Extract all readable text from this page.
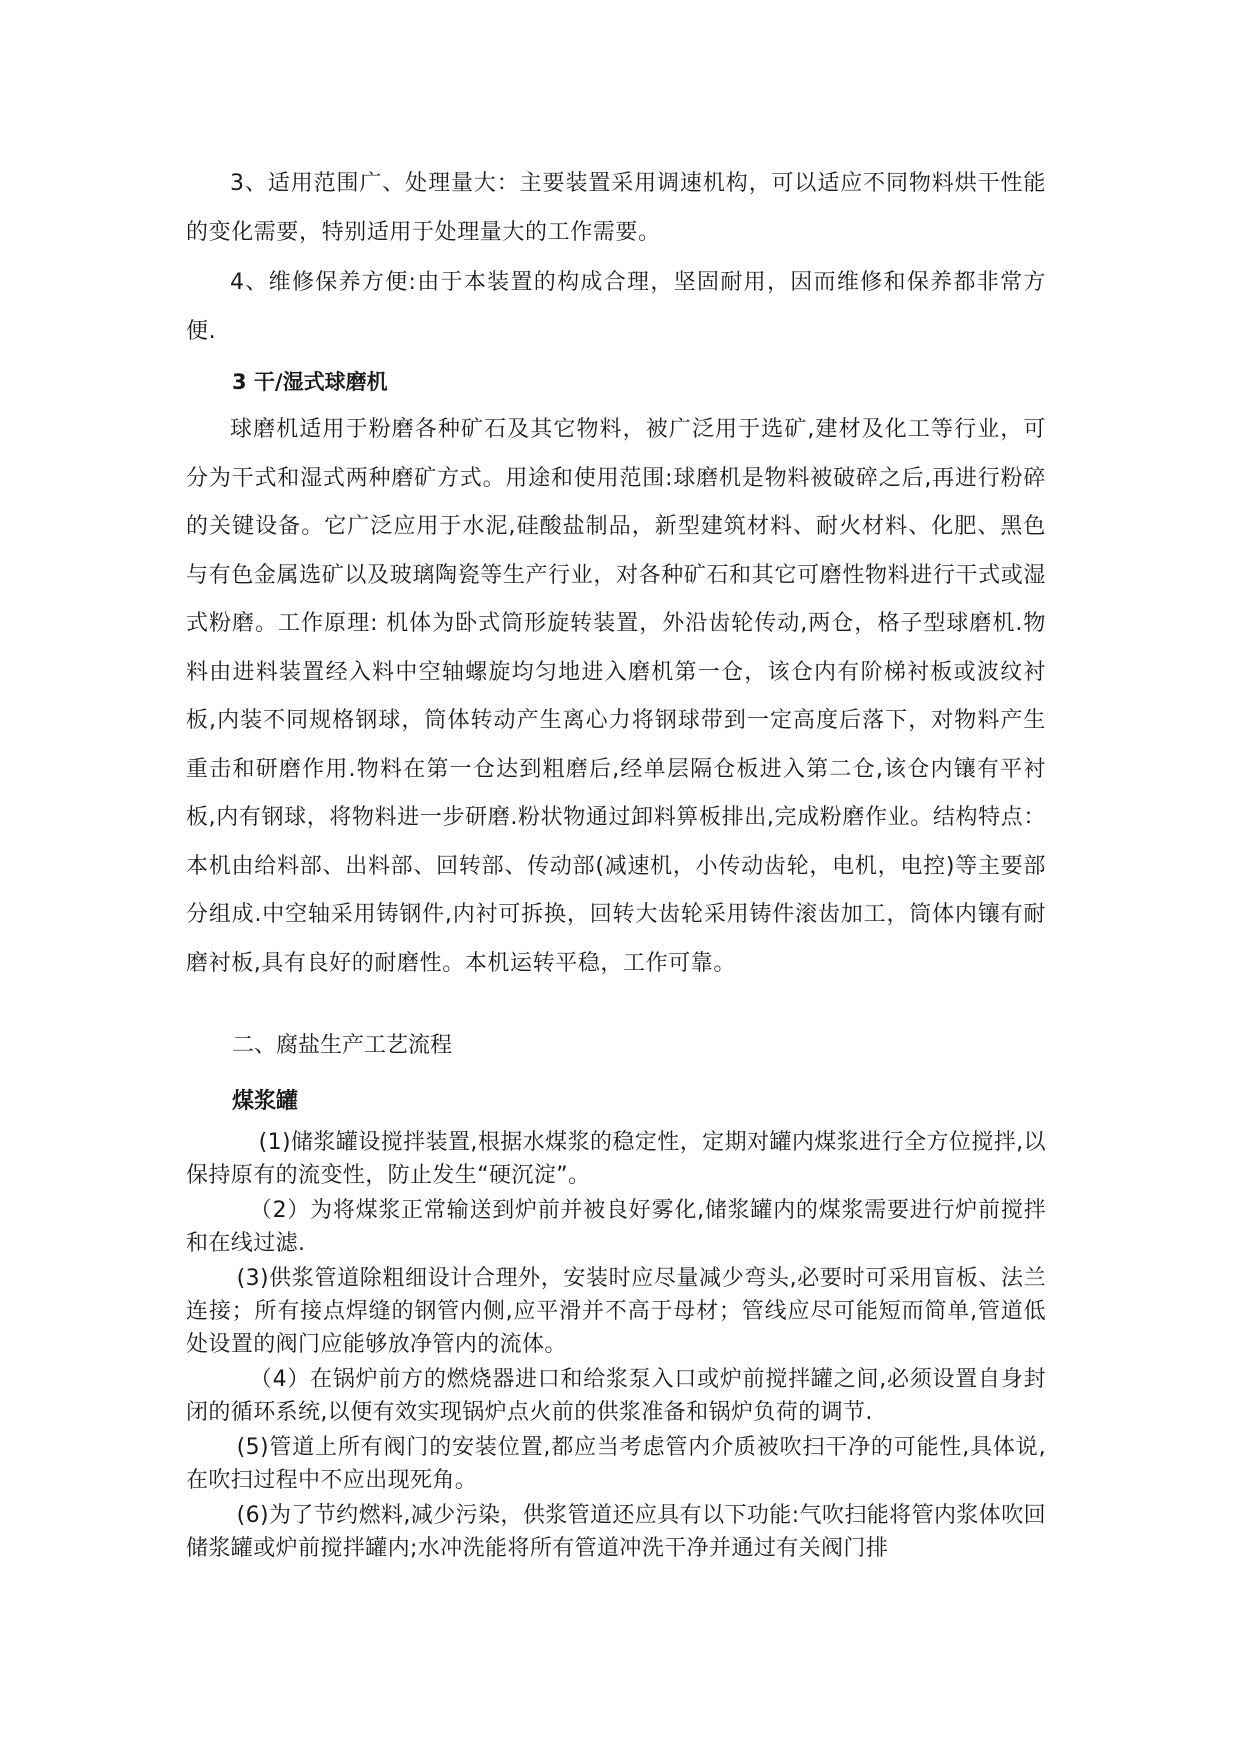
3、适用范围广、处理量大：主要装置采用调速机构，可以适应不同物料烘干性能的变化需要，特别适用于处理量大的工作需要。

4、维修保养方便:由于本装置的构成合理，坚固耐用，因而维修和保养都非常方便.

3 干/湿式球磨机

球磨机适用于粉磨各种矿石及其它物料，被广泛用于选矿,建材及化工等行业，可分为干式和湿式两种磨矿方式。用途和使用范围:球磨机是物料被破碎之后,再进行粉碎的关键设备。它广泛应用于水泥,硅酸盐制品，新型建筑材料、耐火材料、化肥、黑色与有色金属选矿以及玻璃陶瓷等生产行业，对各种矿石和其它可磨性物料进行干式或湿式粉磨。工作原理: 机体为卧式筒形旋转装置，外沿齿轮传动,两仓，格子型球磨机.物料由进料装置经入料中空轴螺旋均匀地进入磨机第一仓，该仓内有阶梯衬板或波纹衬板,内装不同规格钢球，筒体转动产生离心力将钢球带到一定高度后落下，对物料产生重击和研磨作用.物料在第一仓达到粗磨后,经单层隔仓板进入第二仓,该仓内镶有平衬板,内有钢球，将物料进一步研磨.粉状物通过卸料箅板排出,完成粉磨作业。结构特点：本机由给料部、出料部、回转部、传动部(减速机，小传动齿轮，电机，电控)等主要部分组成.中空轴采用铸钢件,内衬可拆换，回转大齿轮采用铸件滚齿加工，筒体内镶有耐磨衬板,具有良好的耐磨性。本机运转平稳，工作可靠。

二、腐盐生产工艺流程

煤浆罐

(1)储浆罐设搅拌装置,根据水煤浆的稳定性，定期对罐内煤浆进行全方位搅拌,以保持原有的流变性，防止发生“硬沉淀”。

（2）为将煤浆正常输送到炉前并被良好雾化,储浆罐内的煤浆需要进行炉前搅拌和在线过滤.

(3)供浆管道除粗细设计合理外，安装时应尽量减少弯头,必要时可采用盲板、法兰连接；所有接点焊缝的钢管内侧,应平滑并不高于母材；管线应尽可能短而简单,管道低处设置的阀门应能够放净管内的流体。

（4）在锅炉前方的燃烧器进口和给浆泵入口或炉前搅拌罐之间,必须设置自身封闭的循环系统,以便有效实现锅炉点火前的供浆准备和锅炉负荷的调节.

(5)管道上所有阀门的安装位置,都应当考虑管内介质被吹扫干净的可能性,具体说,在吹扫过程中不应出现死角。

(6)为了节约燃料,减少污染，供浆管道还应具有以下功能:气吹扫能将管内浆体吹回储浆罐或炉前搅拌罐内;水冲洗能将所有管道冲洗干净并通过有关阀门排
